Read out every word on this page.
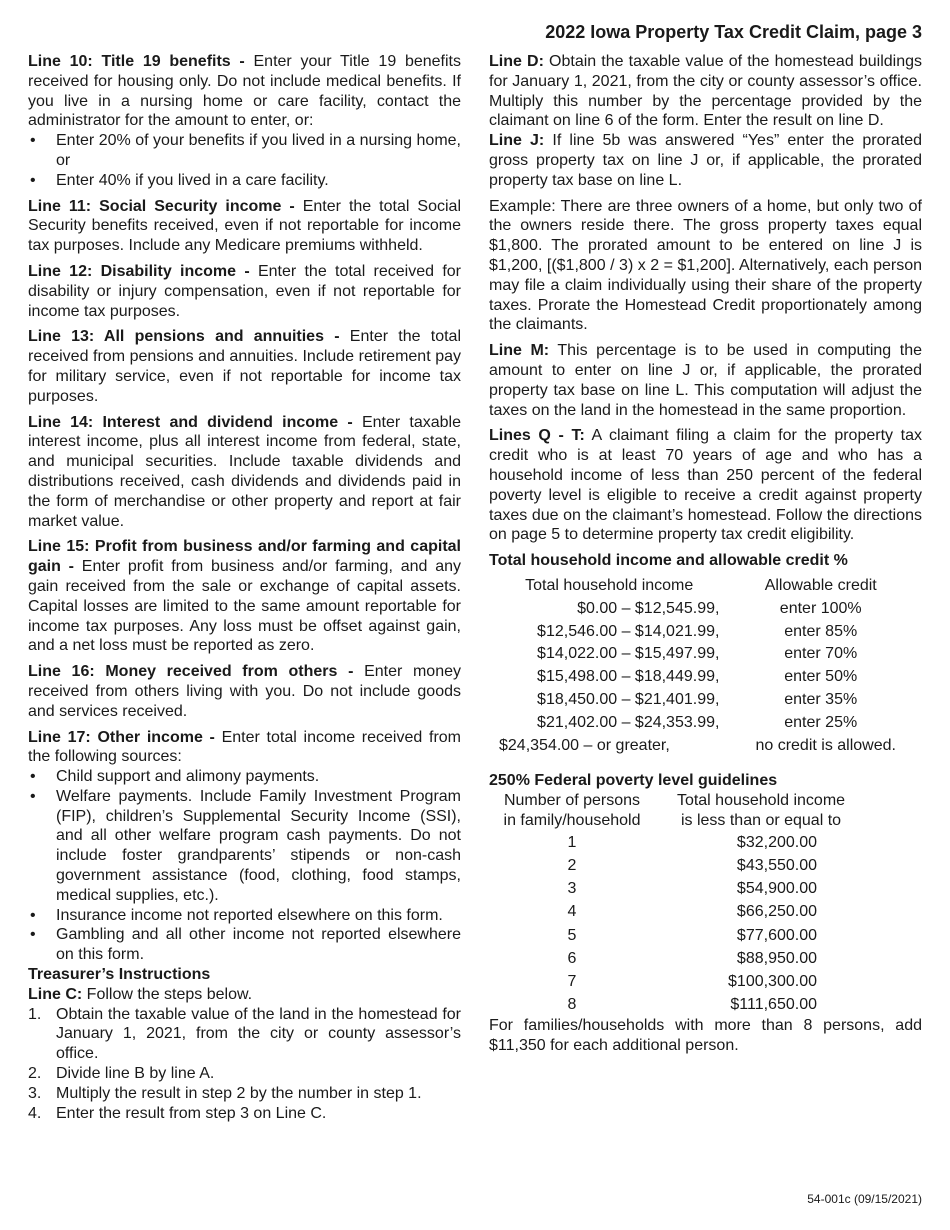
2022 Iowa Property Tax Credit Claim, page 3

Line 10: Title 19 benefits - Enter your Title 19 benefits received for housing only. Do not include medical benefits. If you live in a nursing home or care facility, contact the administrator for the amount to enter, or:

• Enter 20% of your benefits if you lived in a nursing home, or
• Enter 40% if you lived in a care facility.

Line 11: Social Security income - Enter the total Social Security benefits received, even if not reportable for income tax purposes. Include any Medicare premiums withheld.

Line 12: Disability income - Enter the total received for disability or injury compensation, even if not reportable for income tax purposes.

Line 13: All pensions and annuities - Enter the total received from pensions and annuities. Include retirement pay for military service, even if not reportable for income tax purposes.

Line 14: Interest and dividend income - Enter taxable interest income, plus all interest income from federal, state, and municipal securities. Include taxable dividends and distributions received, cash dividends and dividends paid in the form of merchandise or other property and report at fair market value.

Line 15: Profit from business and/or farming and capital gain - Enter profit from business and/or farming, and any gain received from the sale or exchange of capital assets. Capital losses are limited to the same amount reportable for income tax purposes. Any loss must be offset against gain, and a net loss must be reported as zero.

Line 16: Money received from others - Enter money received from others living with you. Do not include goods and services received.

Line 17: Other income - Enter total income received from the following sources:

• Child support and alimony payments.
• Welfare payments. Include Family Investment Program (FIP), children’s Supplemental Security Income (SSI), and all other welfare program cash payments. Do not include foster grandparents’ stipends or non-cash government assistance (food, clothing, food stamps, medical supplies, etc.).
• Insurance income not reported elsewhere on this form.
• Gambling and all other income not reported elsewhere on this form.

Treasurer’s Instructions

Line C: Follow the steps below.

1. Obtain the taxable value of the land in the homestead for January 1, 2021, from the city or county assessor’s office.
2. Divide line B by line A.
3. Multiply the result in step 2 by the number in step 1.
4. Enter the result from step 3 on Line C.

Line D: Obtain the taxable value of the homestead buildings for January 1, 2021, from the city or county assessor’s office. Multiply this number by the percentage provided by the claimant on line 6 of the form. Enter the result on line D.

Line J: If line 5b was answered “Yes” enter the prorated gross property tax on line J or, if applicable, the prorated property tax base on line L.

Example: There are three owners of a home, but only two of the owners reside there. The gross property taxes equal $1,800. The prorated amount to be entered on line J is $1,200, [($1,800 / 3) x 2 = $1,200]. Alternatively, each person may file a claim individually using their share of the property taxes. Prorate the Homestead Credit proportionately among the claimants.

Line M: This percentage is to be used in computing the amount to enter on line J or, if applicable, the prorated property tax base on line L. This computation will adjust the taxes on the land in the homestead in the same proportion.

Lines Q - T: A claimant filing a claim for the property tax credit who is at least 70 years of age and who has a household income of less than 250 percent of the federal poverty level is eligible to receive a credit against property taxes due on the claimant’s homestead. Follow the directions on page 5 to determine property tax credit eligibility.

Total household income and allowable credit %

Total household income	Allowable credit
$0.00 – $12,545.99,	enter 100%
$12,546.00 – $14,021.99,	enter 85%
$14,022.00 – $15,497.99,	enter 70%
$15,498.00 – $18,449.99,	enter 50%
$18,450.00 – $21,401.99,	enter 35%
$21,402.00 – $24,353.99,	enter 25%
$24,354.00 – or greater,	no credit is allowed.

250% Federal poverty level guidelines

Number of persons
in family/household	Total household income
is less than or equal to
1	$32,200.00
2	$43,550.00
3	$54,900.00
4	$66,250.00
5	$77,600.00
6	$88,950.00
7	$100,300.00
8	$111,650.00

For families/households with more than 8 persons, add $11,350 for each additional person.

54-001c (09/15/2021)
